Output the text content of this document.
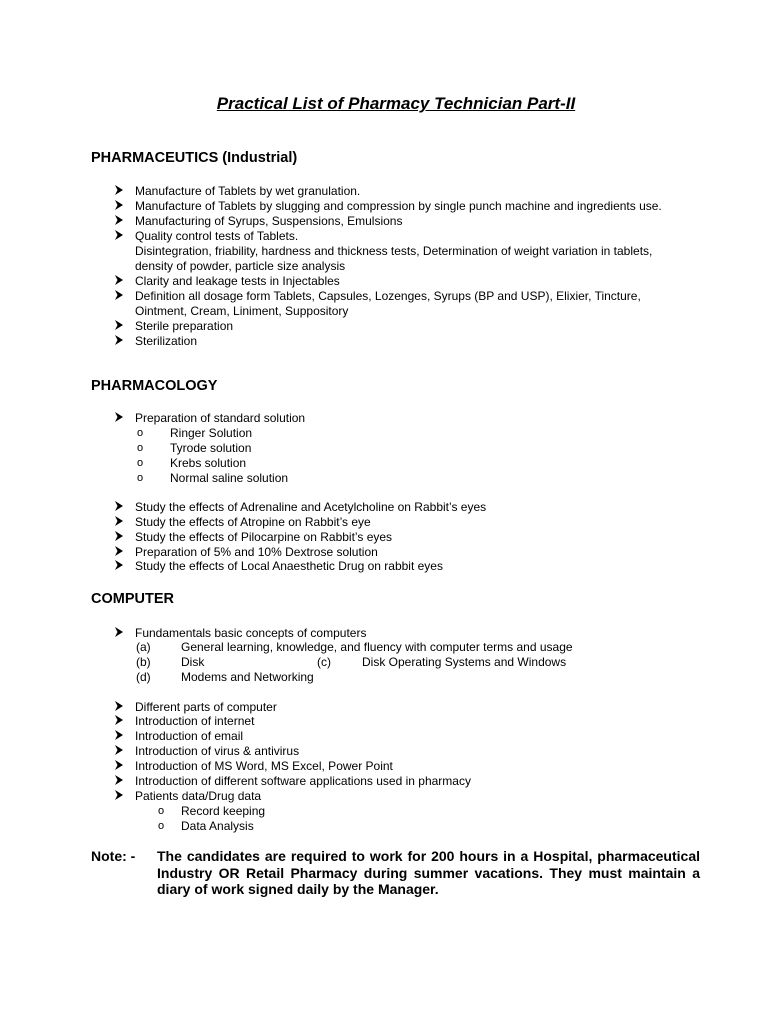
Practical List of Pharmacy Technician Part-II
PHARMACEUTICS (Industrial)
Manufacture of Tablets by wet granulation.
Manufacture of Tablets by slugging and compression by single punch machine and ingredients use.
Manufacturing of Syrups, Suspensions, Emulsions
Quality control tests of Tablets.
Disintegration, friability, hardness and thickness tests, Determination of weight variation in tablets,
density of powder, particle size analysis
Clarity and leakage tests in Injectables
Definition all dosage form Tablets, Capsules, Lozenges, Syrups (BP and USP), Elixier, Tincture,
Ointment, Cream, Liniment, Suppository
Sterile preparation
Sterilization
PHARMACOLOGY
Preparation of standard solution
o Ringer Solution
o Tyrode solution
o Krebs solution
o Normal saline solution
Study the effects of Adrenaline and Acetylcholine on Rabbit’s eyes
Study the effects of Atropine on Rabbit’s eye
Study the effects of Pilocarpine on Rabbit’s eyes
Preparation of 5% and 10% Dextrose solution
Study the effects of Local Anaesthetic Drug on rabbit eyes
COMPUTER
Fundamentals basic concepts of computers
(a)	General learning, knowledge, and fluency with computer terms and usage
(b)	Disk	(c)	Disk Operating Systems and Windows
(d)	Modems and Networking
Different parts of computer
Introduction of internet
Introduction of email
Introduction of virus & antivirus
Introduction of MS Word, MS Excel, Power Point
Introduction of different software applications used in pharmacy
Patients data/Drug data
o Record keeping
o Data Analysis
Note: - The candidates are required to work for 200 hours in a Hospital, pharmaceutical Industry OR Retail Pharmacy during summer vacations. They must maintain a diary of work signed daily by the Manager.
